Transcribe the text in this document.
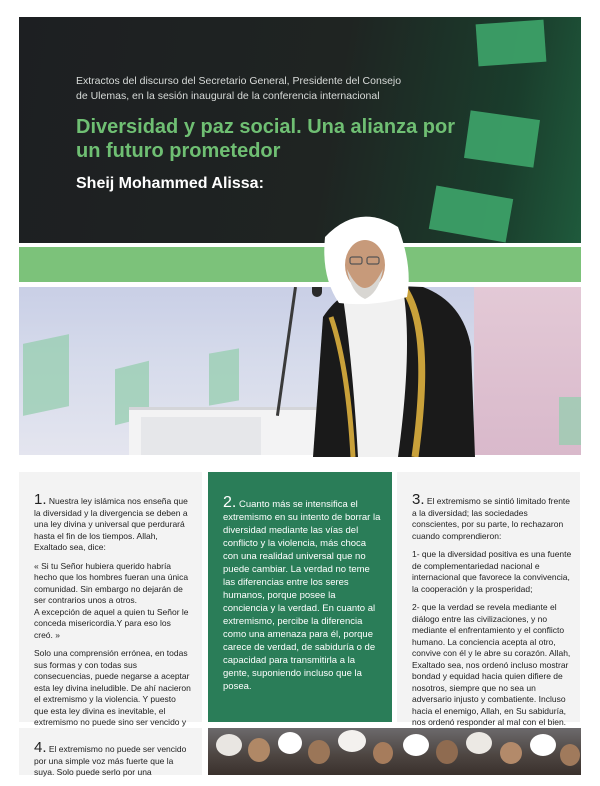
Extractos del discurso del Secretario General, Presidente del Consejo de Ulemas, en la sesión inaugural de la conferencia internacional
Diversidad y paz social. Una alianza por un futuro prometedor
Sheij Mohammed Alissa:

1. Nuestra ley islámica nos enseña que la diversidad y la divergencia se deben a una ley divina y universal que perdurará hasta el fin de los tiempos. Allah, Exaltado sea, dice:

« Si tu Señor hubiera querido habría hecho que los hombres fueran una única comunidad. Sin embargo no dejarán de ser contrarios unos a otros.

A excepción de aquel a quien tu Señor le conceda misericordia.Y para eso los creó. »

Solo una comprensión errónea, en todas sus formas y con todas sus consecuencias, puede negarse a aceptar esta ley divina ineludible. De ahí nacieron el extremismo y la violencia. Y puesto que esta ley divina es inevitable, el extremismo no puede sino ser vencido y

2. Cuanto más se intensifica el extremismo en su intento de borrar la diversidad mediante las vías del conflicto y la violencia, más choca con una realidad universal que no puede cambiar. La verdad no teme las diferencias entre los seres humanos, porque posee la conciencia y la verdad. En cuanto al extremismo, percibe la diferencia como una amenaza para él, porque carece de verdad, de sabiduría o de capacidad para transmitirla a la gente, suponiendo incluso que la posea.

3. El extremismo se sintió limitado frente a la diversidad; las sociedades conscientes, por su parte, lo rechazaron cuando comprendieron:

1- que la diversidad positiva es una fuente de complementariedad nacional e internacional que favorece la convivencia, la cooperación y la prosperidad;

2- que la verdad se revela mediante el diálogo entre las civilizaciones, y no mediante el enfrentamiento y el conflicto humano. La conciencia acepta al otro, convive con él y le abre su corazón. Allah, Exaltado sea, nos ordenó incluso mostrar bondad y equidad hacia quien difiere de nosotros, siempre que no sea un adversario injusto y combatiente. Incluso hacia el enemigo, Allah, en Su sabiduría, nos ordenó responder al mal con el bien.

4. El extremismo no puede ser vencido por una simple voz más fuerte que la suya. Solo puede serlo por una
